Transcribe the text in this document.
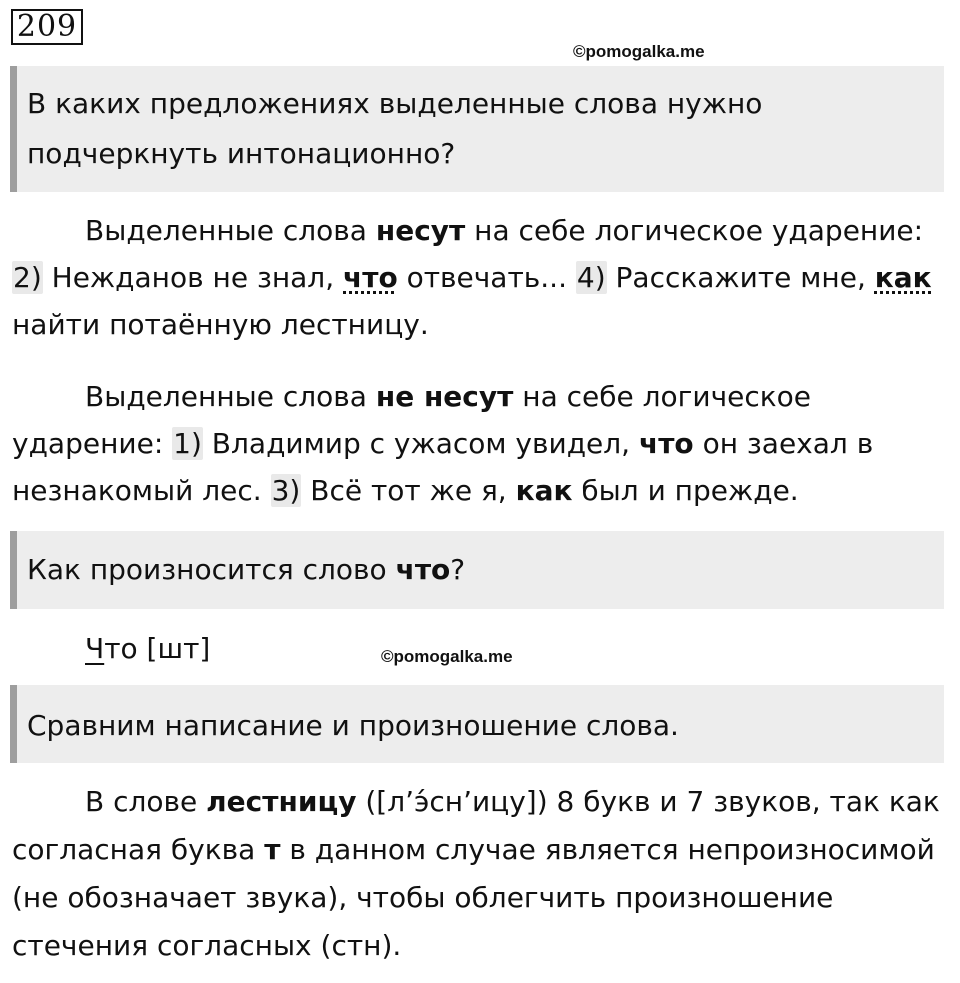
209
©pomogalka.me
В каких предложениях выделенные слова нужно подчеркнуть интонационно?
Выделенные слова несут на себе логическое ударение: 2) Нежданов не знал, что отвечать... 4) Расскажите мне, как найти потаённую лестницу.
Выделенные слова не несут на себе логическое ударение: 1) Владимир с ужасом увидел, что он заехал в незнакомый лес. 3) Всё тот же я, как был и прежде.
Как произносится слово что?
Что [шт]	©pomogalka.me
Сравним написание и произношение слова.
В слове лестницу ([л’э́сн’ицу]) 8 букв и 7 звуков, так как согласная буква т в данном случае является непроизносимой (не обозначает звука), чтобы облегчить произношение стечения согласных (стн).
